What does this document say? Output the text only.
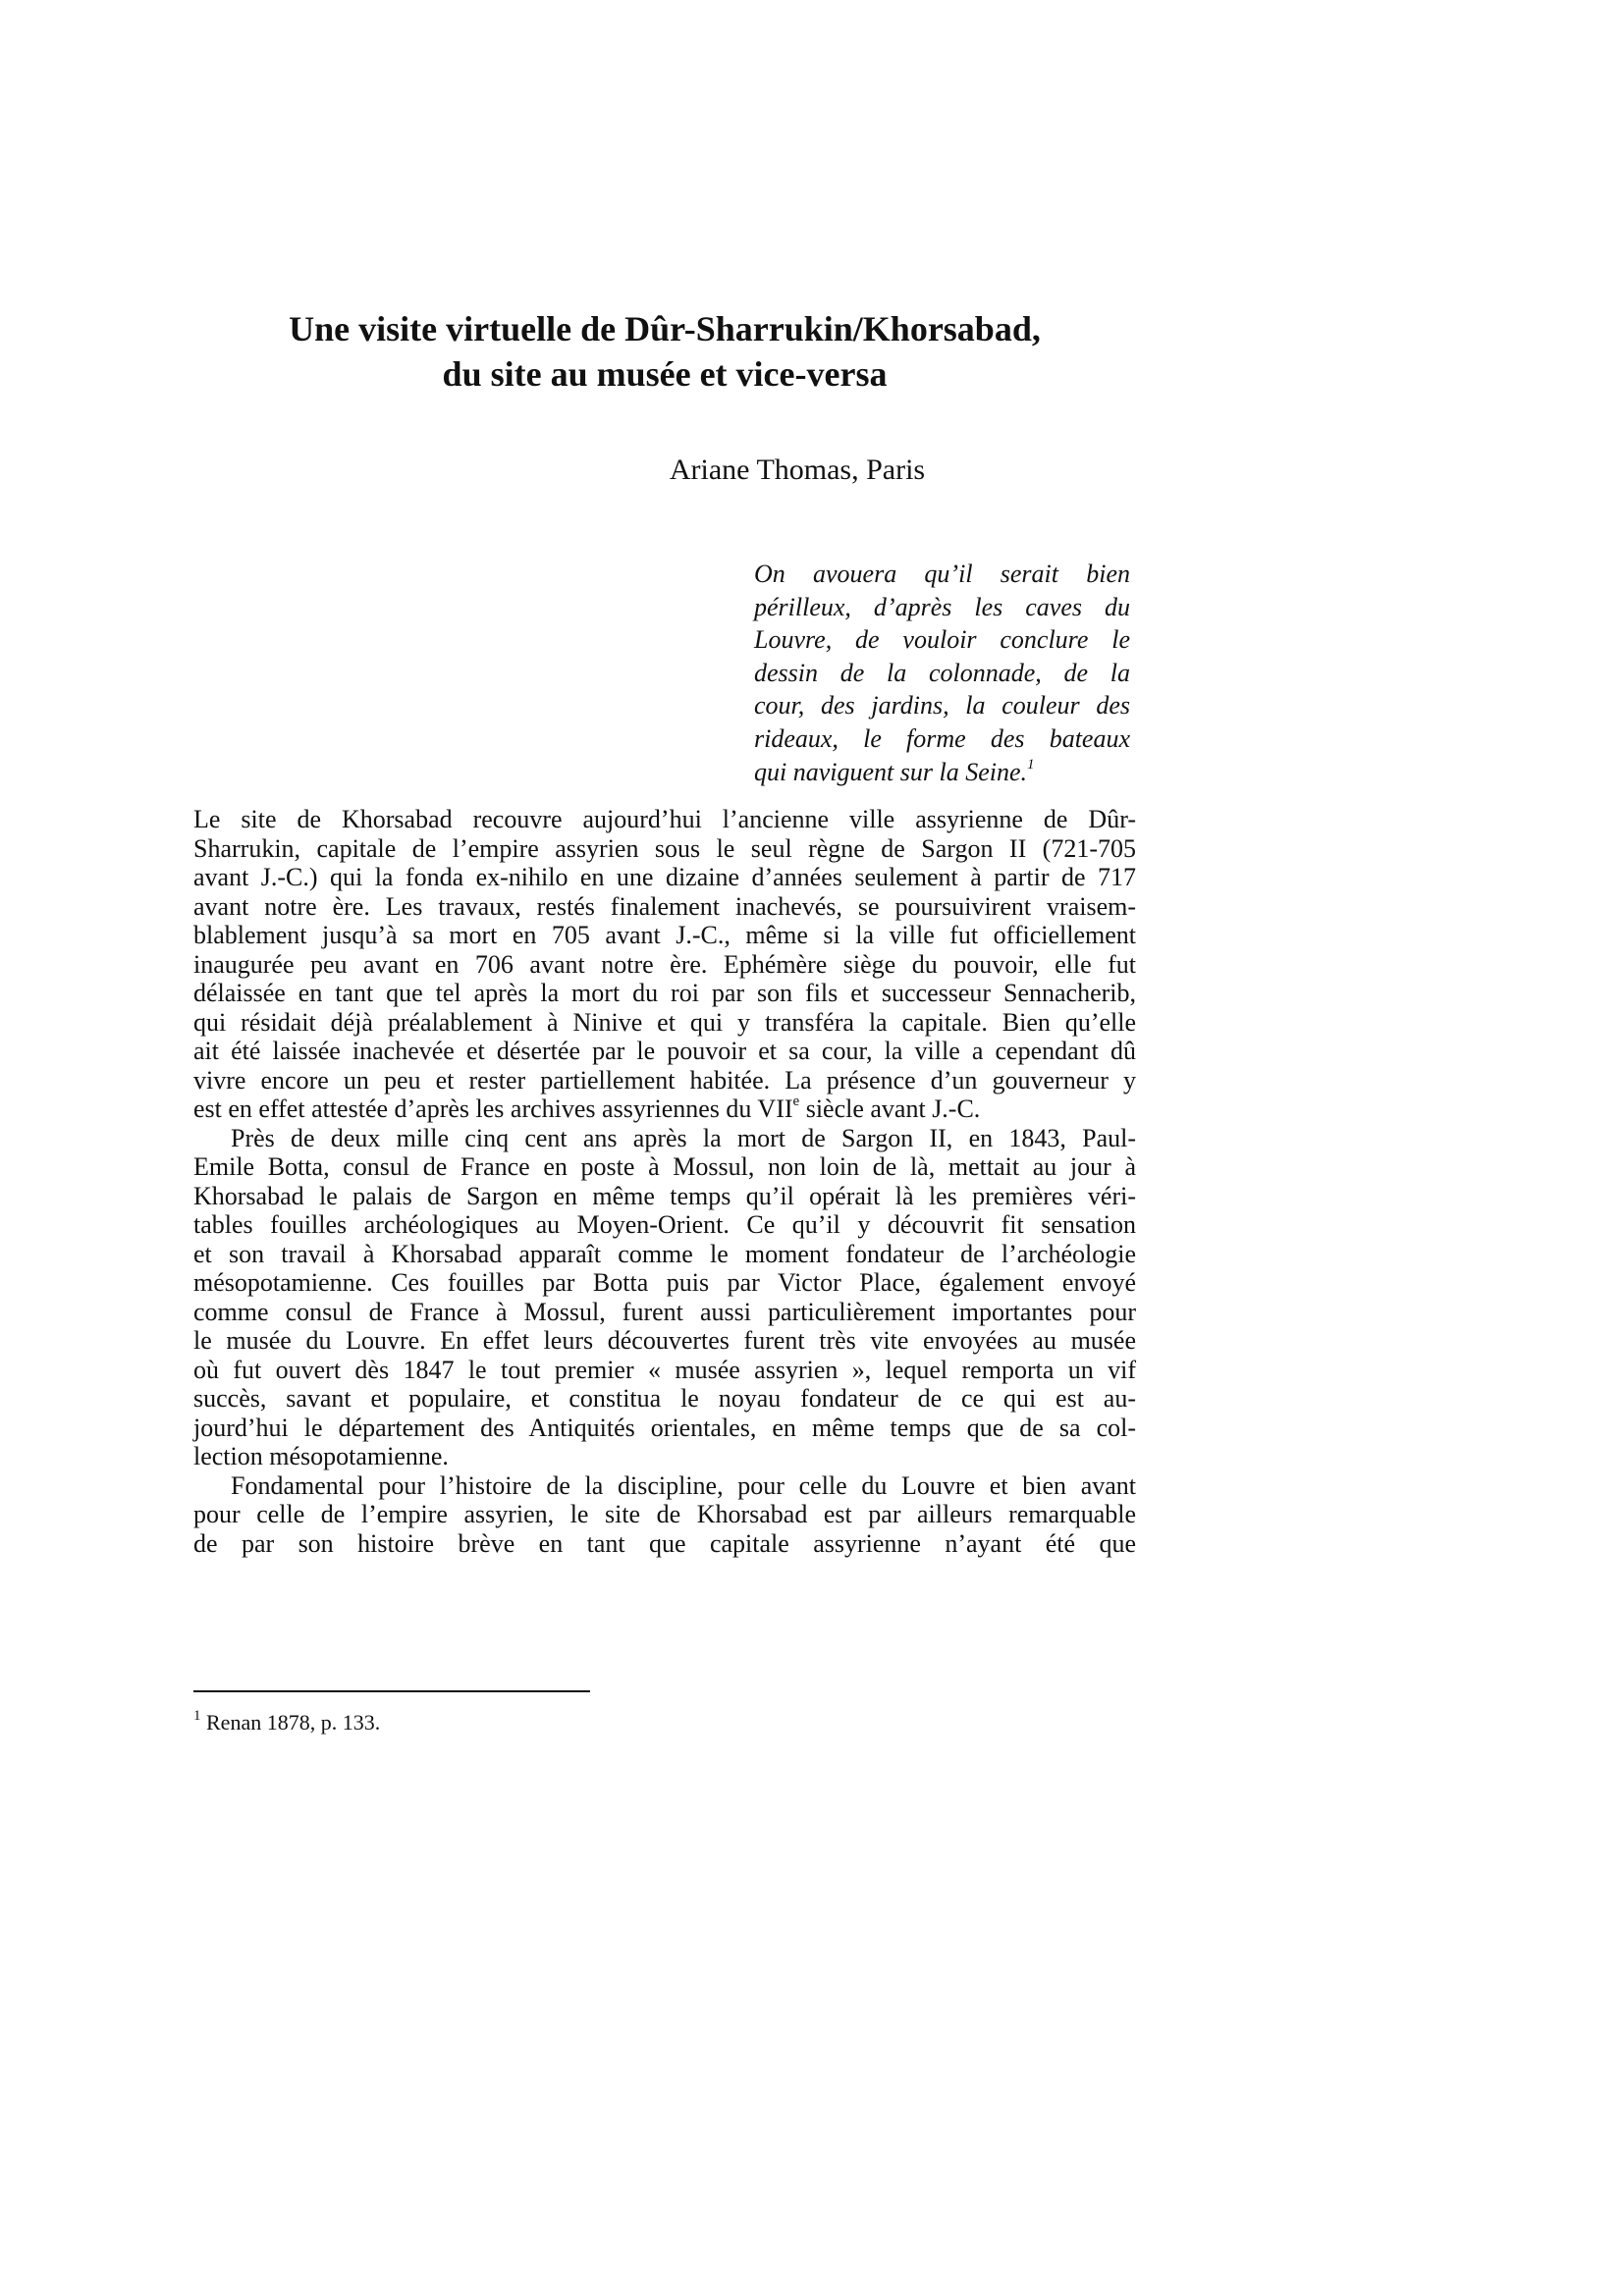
Une visite virtuelle de Dûr-Sharrukin/Khorsabad,
du site au musée et vice-versa
Ariane Thomas, Paris
On avouera qu’il serait bien
périlleux, d’après les caves du
Louvre, de vouloir conclure le
dessin de la colonnade, de la
cour, des jardins, la couleur des
rideaux, le forme des bateaux
qui naviguent sur la Seine.$^1$
Le site de Khorsabad recouvre aujourd’hui l’ancienne ville assyrienne de Dûr-
Sharrukin, capitale de l’empire assyrien sous le seul règne de Sargon II (721-705
avant J.-C.) qui la fonda ex-nihilo en une dizaine d’années seulement à partir de 717
avant notre ère. Les travaux, restés finalement inachevés, se poursuivirent vraisem-
blablement jusqu’à sa mort en 705 avant J.-C., même si la ville fut officiellement
inaugurée peu avant en 706 avant notre ère. Ephémère siège du pouvoir, elle fut
délaissée en tant que tel après la mort du roi par son fils et successeur Sennacherib,
qui résidait déjà préalablement à Ninive et qui y transféra la capitale. Bien qu’elle
ait été laissée inachevée et désertée par le pouvoir et sa cour, la ville a cependant dû
vivre encore un peu et rester partiellement habitée. La présence d’un gouverneur y
est en effet attestée d’après les archives assyriennes du VIIe siècle avant J.-C.
Près de deux mille cinq cent ans après la mort de Sargon II, en 1843, Paul-
Emile Botta, consul de France en poste à Mossul, non loin de là, mettait au jour à
Khorsabad le palais de Sargon en même temps qu’il opérait là les premières véri-
tables fouilles archéologiques au Moyen-Orient. Ce qu’il y découvrit fit sensation
et son travail à Khorsabad apparaît comme le moment fondateur de l’archéologie
mésopotamienne. Ces fouilles par Botta puis par Victor Place, également envoyé
comme consul de France à Mossul, furent aussi particulièrement importantes pour
le musée du Louvre. En effet leurs découvertes furent très vite envoyées au musée
où fut ouvert dès 1847 le tout premier « musée assyrien », lequel remporta un vif
succès, savant et populaire, et constitua le noyau fondateur de ce qui est au-
jourd’hui le département des Antiquités orientales, en même temps que de sa col-
lection mésopotamienne.
Fondamental pour l’histoire de la discipline, pour celle du Louvre et bien avant
pour celle de l’empire assyrien, le site de Khorsabad est par ailleurs remarquable
de par son histoire brève en tant que capitale assyrienne n’ayant été que
$^1$ Renan 1878, p. 133.
